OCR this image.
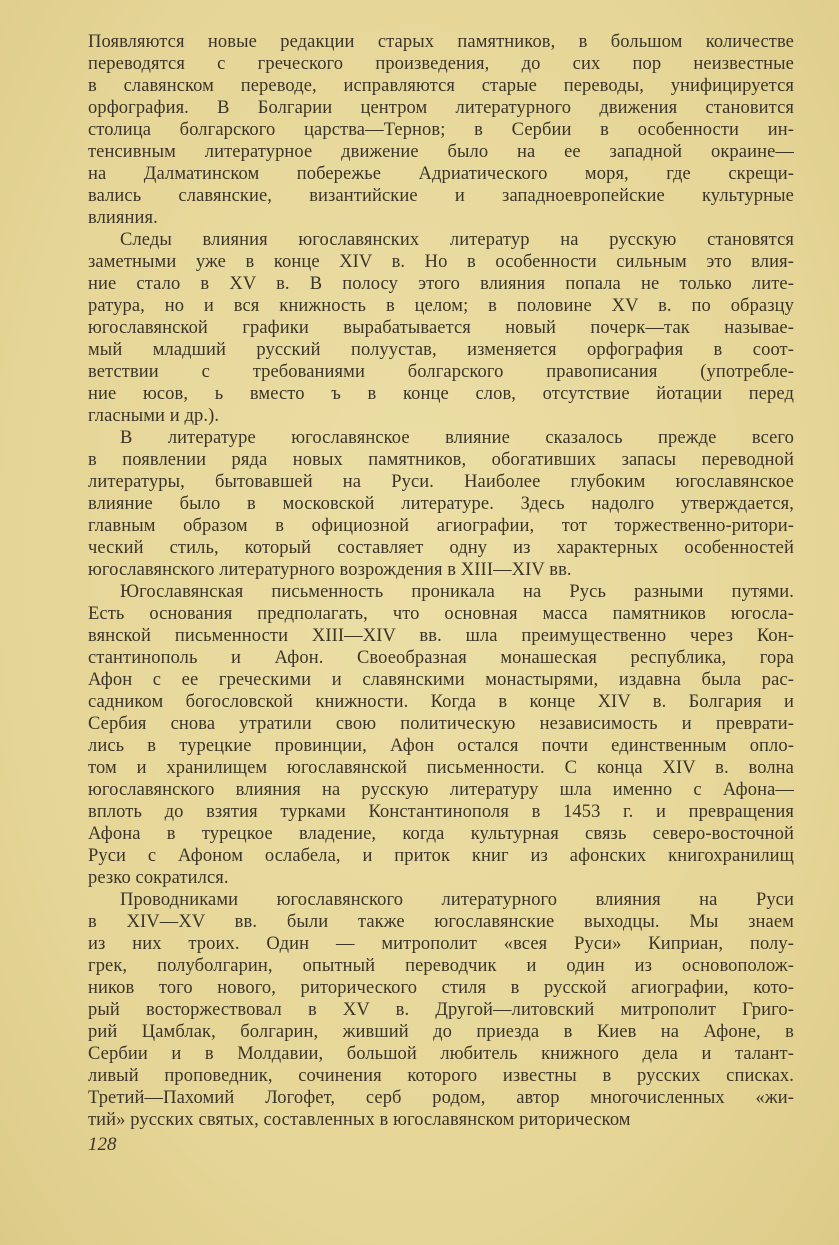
Появляются новые редакции старых памятников, в большом количестве
переводятся с греческого произведения, до сих пор неизвестные
в славянском переводе, исправляются старые переводы, унифицируется
орфография. В Болгарии центром литературного движения становится
столица болгарского царства—Тернов; в Сербии в особенности ин-
тенсивным литературное движение было на ее западной окраине—
на Далматинском побережье Адриатического моря, где скрещи-
вались славянские, византийские и западноевропейские культурные
влияния.
Следы влияния югославянских литератур на русскую становятся
заметными уже в конце XIV в. Но в особенности сильным это влия-
ние стало в XV в. В полосу этого влияния попала не только лите-
ратура, но и вся книжность в целом; в половине XV в. по образцу
югославянской графики вырабатывается новый почерк—так называе-
мый младший русский полуустав, изменяется орфография в соот-
ветствии с требованиями болгарского правописания (употребле-
ние юсов, ь вместо ъ в конце слов, отсутствие йотации перед
гласными и др.).
В литературе югославянское влияние сказалось прежде всего
в появлении ряда новых памятников, обогативших запасы переводной
литературы, бытовавшей на Руси. Наиболее глубоким югославянское
влияние было в московской литературе. Здесь надолго утверждается,
главным образом в официозной агиографии, тот торжественно-ритори-
ческий стиль, который составляет одну из характерных особенностей
югославянского литературного возрождения в XIII—XIV вв.
Югославянская письменность проникала на Русь разными путями.
Есть основания предполагать, что основная масса памятников югосла-
вянской письменности XIII—XIV вв. шла преимущественно через Кон-
стантинополь и Афон. Своеобразная монашеская республика, гора
Афон с ее греческими и славянскими монастырями, издавна была рас-
садником богословской книжности. Когда в конце XIV в. Болгария и
Сербия снова утратили свою политическую независимость и преврати-
лись в турецкие провинции, Афон остался почти единственным опло-
том и хранилищем югославянской письменности. С конца XIV в. волна
югославянского влияния на русскую литературу шла именно с Афона—
вплоть до взятия турками Константинополя в 1453 г. и превращения
Афона в турецкое владение, когда культурная связь северо-восточной
Руси с Афоном ослабела, и приток книг из афонских книгохранилищ
резко сократился.
Проводниками югославянского литературного влияния на Руси
в XIV—XV вв. были также югославянские выходцы. Мы знаем
из них троих. Один — митрополит «всея Руси» Киприан, полу-
грек, полуболгарин, опытный переводчик и один из основополож-
ников того нового, риторического стиля в русской агиографии, кото-
рый восторжествовал в XV в. Другой—литовский митрополит Григо-
рий Цамблак, болгарин, живший до приезда в Киев на Афоне, в
Сербии и в Молдавии, большой любитель книжного дела и талант-
ливый проповедник, сочинения которого известны в русских списках.
Третий—Пахомий Логофет, серб родом, автор многочисленных «жи-
тий» русских святых, составленных в югославянском риторическом
128
